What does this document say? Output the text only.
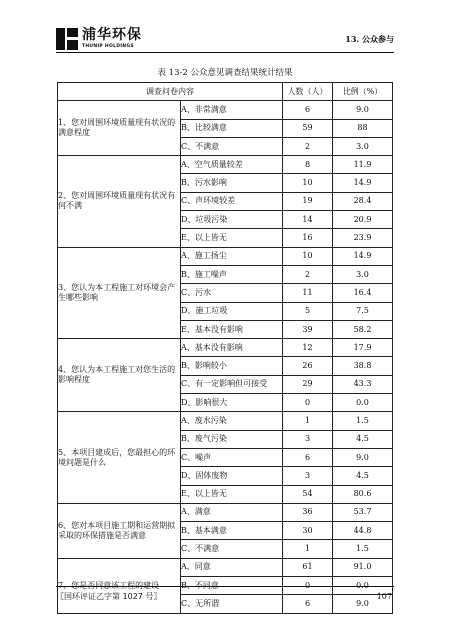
浦华环保
THUNIP HOLDINGS
13. 公众参与
表 13-2 公众意见调查结果统计结果
调查问卷内容		人数（人）	比例（%）
1、您对周围环境质量现有状况的满意程度	A、非常满意	6	9.0
	B、比较满意	59	88
	C、不满意	2	3.0
2、您对周围环境质量现有状况有何不满	A、空气质量较差	8	11.9
	B、污水影响	10	14.9
	C、声环境较差	19	28.4
	D、垃圾污染	14	20.9
	E、以上皆无	16	23.9
3、您认为本工程施工对环境会产生哪些影响	A、施工扬尘	10	14.9
	B、施工噪声	2	3.0
	C、污水	11	16.4
	D、施工垃圾	5	7.5
	E、基本没有影响	39	58.2
4、您认为本工程施工对您生活的影响程度	A、基本没有影响	12	17.9
	B、影响较小	26	38.8
	C、有一定影响但可接受	29	43.3
	D、影响很大	0	0.0
5、本项目建成后，您最担心的环境问题是什么	A、废水污染	1	1.5
	B、废气污染	3	4.5
	C、噪声	6	9.0
	D、固体废物	3	4.5
	E、以上皆无	54	80.6
6、您对本项目施工期和运营期拟采取的环保措施是否满意	A、满意	36	53.7
	B、基本满意	30	44.8
	C、不满意	1	1.5
7、您是否同意该工程的建设	A、同意	61	91.0
	B、不同意	0	0.0
	C、无所谓	6	9.0
〖国环评证乙字第 1027 号〗	107
